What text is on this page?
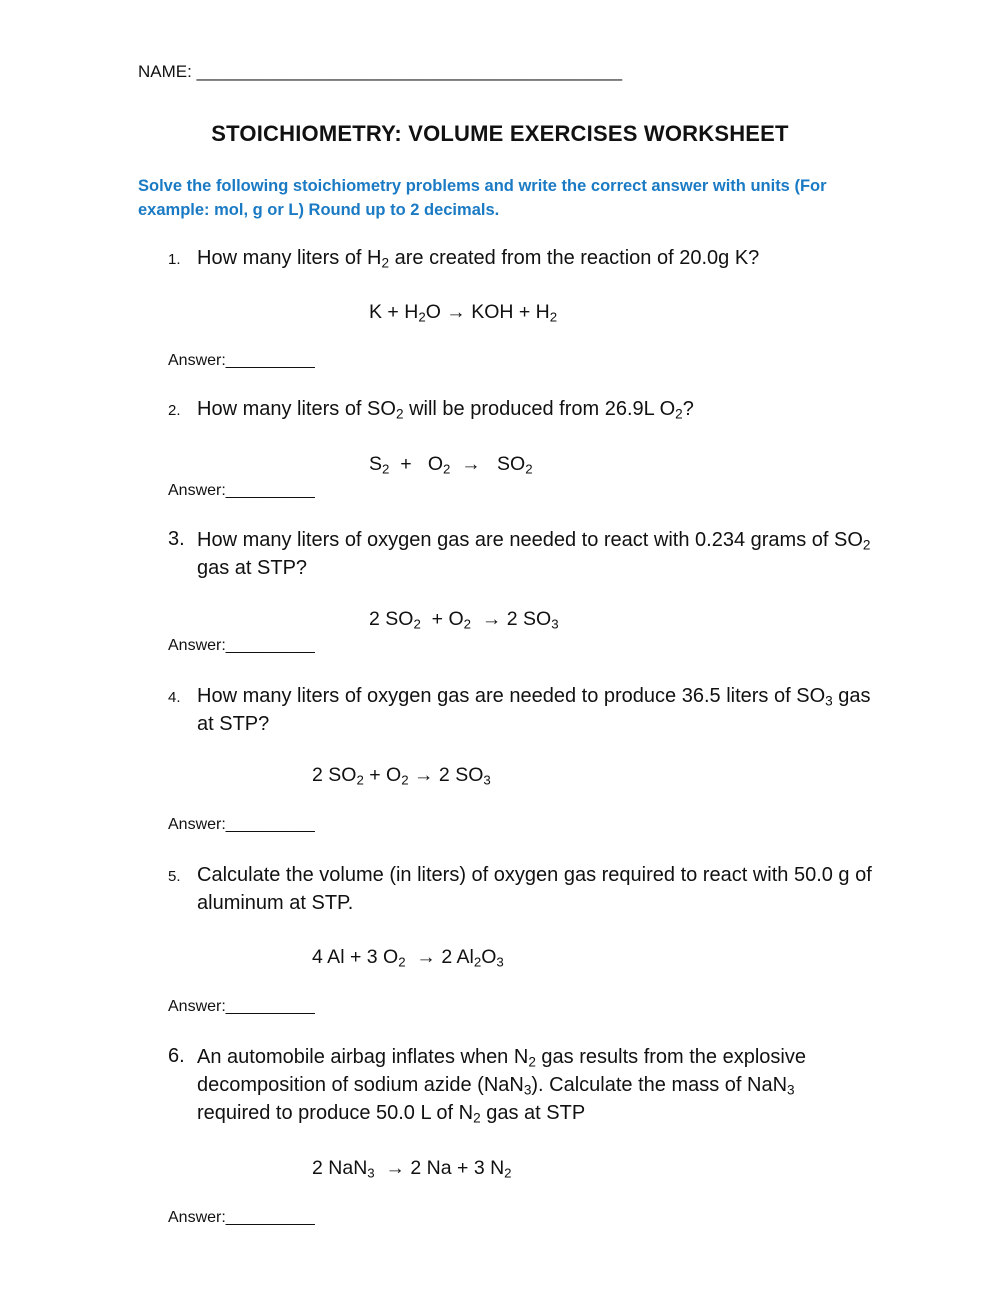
NAME: _____________________________________________
STOICHIOMETRY: VOLUME EXERCISES WORKSHEET
Solve the following stoichiometry problems and write the correct answer with units (For example: mol, g or L) Round up to 2 decimals.
1. How many liters of $H_2$ are created from the reaction of 20.0g K?
$K + H_2O$ → KOH + $H_2$
Answer:__________
2. How many liters of $SO_2$ will be produced from 26.9L $O_2$?
$S_2 + O_2 \to SO_2$
Answer:__________
3. How many liters of oxygen gas are needed to react with 0.234 grams of $SO_2$ gas at STP?
2 $SO_2 + O_2 \to 2$ $SO_3$
Answer:__________
4. How many liters of oxygen gas are needed to produce 36.5 liters of $SO_3$ gas at STP?
2 $SO_2 + O_2 \to 2$ $SO_3$
Answer:__________
5. Calculate the volume (in liters) of oxygen gas required to react with 50.0 g of aluminum at STP.
4 Al + 3 $O_2 \to 2$ $Al_2O_3$
Answer:__________
6. An automobile airbag inflates when $N_2$ gas results from the explosive decomposition of sodium azide (NaN$_3$). Calculate the mass of NaN$_3$ required to produce 50.0 L of $N_2$ gas at STP
2 NaN$_3$  → 2 Na + 3 $N_2$
Answer:__________
